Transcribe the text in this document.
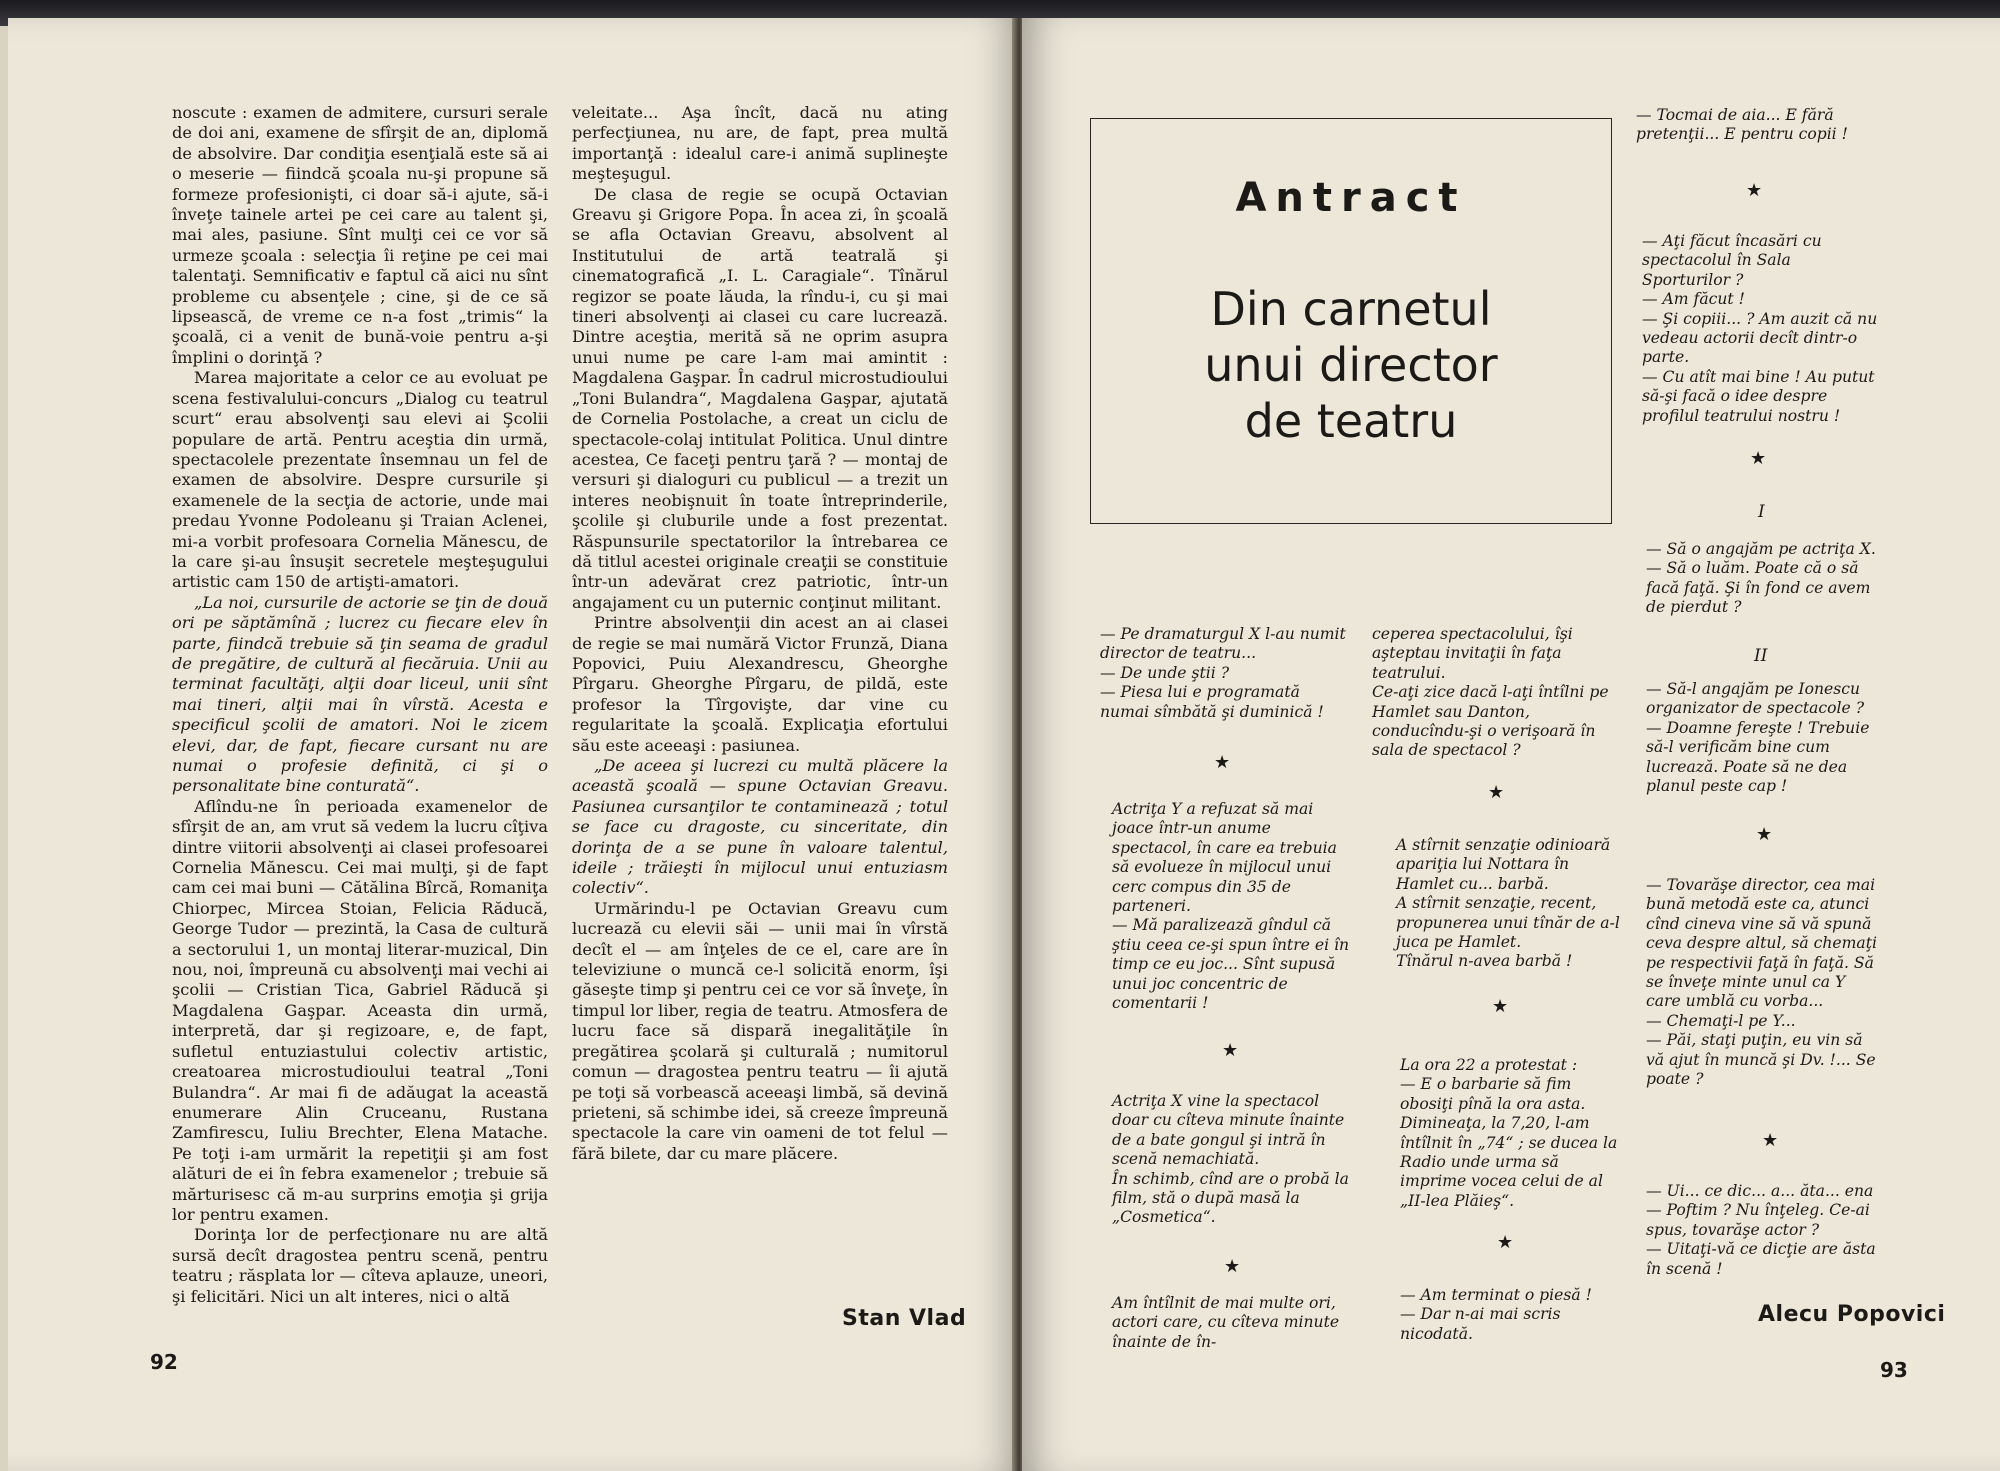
noscute : examen de admitere, cursuri serale de doi ani, examene de sfîrşit de an, diplomă de absolvire. Dar condiţia esenţială este să ai o meserie — fiindcă şcoala nu-şi propune să formeze profesionişti, ci doar să-i ajute, să-i înveţe tainele artei pe cei care au talent şi, mai ales, pasiune. Sînt mulţi cei ce vor să urmeze şcoala : selecţia îi reţine pe cei mai talentaţi. Semnificativ e faptul că aici nu sînt probleme cu absenţele ; cine, şi de ce să lipsească, de vreme ce n-a fost „trimis“ la şcoală, ci a venit de bună-voie pentru a-şi împlini o dorinţă ?

Marea majoritate a celor ce au evoluat pe scena festivalului-concurs „Dialog cu teatrul scurt“ erau absolvenţi sau elevi ai Şcolii populare de artă. Pentru aceştia din urmă, spectacolele prezentate însemnau un fel de examen de absolvire. Despre cursurile şi examenele de la secţia de actorie, unde mai predau Yvonne Podoleanu şi Traian Aclenei, mi-a vorbit profesoara Cornelia Mănescu, de la care şi-au însuşit secretele meşteşugului artistic cam 150 de artişti-amatori.

„La noi, cursurile de actorie se ţin de două ori pe săptămînă ; lucrez cu fiecare elev în parte, fiindcă trebuie să ţin seama de gradul de pregătire, de cultură al fiecăruia. Unii au terminat facultăţi, alţii doar liceul, unii sînt mai tineri, alţii mai în vîrstă. Acesta e specificul şcolii de amatori. Noi le zicem elevi, dar, de fapt, fiecare cursant nu are numai o profesie definită, ci şi o personalitate bine conturată“.

Aflîndu-ne în perioada examenelor de sfîrşit de an, am vrut să vedem la lucru cîţiva dintre viitorii absolvenţi ai clasei profesoarei Cornelia Mănescu. Cei mai mulţi, şi de fapt cam cei mai buni — Cătălina Bîrcă, Romaniţa Chiorpec, Mircea Stoian, Felicia Răducă, George Tudor — prezintă, la Casa de cultură a sectorului 1, un montaj literar-muzical, Din nou, noi, împreună cu absolvenţi mai vechi ai şcolii — Cristian Tica, Gabriel Răducă şi Magdalena Gaşpar. Aceasta din urmă, interpretă, dar şi regizoare, e, de fapt, sufletul entuziastului colectiv artistic, creatoarea microstudioului teatral „Toni Bulandra“. Ar mai fi de adăugat la această enumerare Alin Cruceanu, Rustana Zamfirescu, Iuliu Brechter, Elena Matache. Pe toţi i-am urmărit la repetiţii şi am fost alături de ei în febra examenelor ; trebuie să mărturisesc că m-au surprins emoţia şi grija lor pentru examen.

Dorinţa lor de perfecţionare nu are altă sursă decît dragostea pentru scenă, pentru teatru ; răsplata lor — cîteva aplauze, uneori, şi felicitări. Nici un alt interes, nici o altă

veleitate... Aşa încît, dacă nu ating perfecţiunea, nu are, de fapt, prea multă importanţă : idealul care-i animă suplineşte meşteşugul.

De clasa de regie se ocupă Octavian Greavu şi Grigore Popa. În acea zi, în şcoală se afla Octavian Greavu, absolvent al Institutului de artă teatrală şi cinematografică „I. L. Caragiale“. Tînărul regizor se poate lăuda, la rîndu-i, cu şi mai tineri absolvenţi ai clasei cu care lucrează. Dintre aceştia, merită să ne oprim asupra unui nume pe care l-am mai amintit : Magdalena Gaşpar. În cadrul microstudioului „Toni Bulandra“, Magdalena Gaşpar, ajutată de Cornelia Postolache, a creat un ciclu de spectacole-colaj intitulat Politica. Unul dintre acestea, Ce faceţi pentru ţară ? — montaj de versuri şi dialoguri cu publicul — a trezit un interes neobişnuit în toate întreprinderile, şcolile şi cluburile unde a fost prezentat. Răspunsurile spectatorilor la întrebarea ce dă titlul acestei originale creaţii se constituie într-un adevărat crez patriotic, într-un angajament cu un puternic conţinut militant.

Printre absolvenţii din acest an ai clasei de regie se mai numără Victor Frunză, Diana Popovici, Puiu Alexandrescu, Gheorghe Pîrgaru. Gheorghe Pîrgaru, de pildă, este profesor la Tîrgovişte, dar vine cu regularitate la şcoală. Explicaţia efortului său este aceeaşi : pasiunea.

„De aceea şi lucrezi cu multă plăcere la această şcoală — spune Octavian Greavu. Pasiunea cursanţilor te contaminează ; totul se face cu dragoste, cu sinceritate, din dorinţa de a se pune în valoare talentul, ideile ; trăieşti în mijlocul unui entuziasm colectiv“.

Urmărindu-l pe Octavian Greavu cum lucrează cu elevii săi — unii mai în vîrstă decît el — am înţeles de ce el, care are în televiziune o muncă ce-l solicită enorm, îşi găseşte timp şi pentru cei ce vor să înveţe, în timpul lor liber, regia de teatru. Atmosfera de lucru face să dispară inegalităţile în pregătirea şcolară şi culturală ; numitorul comun — dragostea pentru teatru — îi ajută pe toţi să vorbească aceeaşi limbă, să devină prieteni, să schimbe idei, să creeze împreună spectacole la care vin oameni de tot felul — fără bilete, dar cu mare plăcere.

Stan Vlad
92
Antract
Din carnetul
unui director
de teatru

— Pe dramaturgul X l-au numit director de teatru...
— De unde ştii ?
— Piesa lui e programată numai sîmbătă şi duminică !

★

Actriţa Y a refuzat să mai joace într-un anume spectacol, în care ea trebuia să evolueze în mijlocul unui cerc compus din 35 de parteneri.
— Mă paralizează gîndul că ştiu ceea ce-şi spun între ei în timp ce eu joc... Sînt supusă unui joc concentric de comentarii !

★

Actriţa X vine la spectacol doar cu cîteva minute înainte de a bate gongul şi intră în scenă nemachiată.
În schimb, cînd are o probă la film, stă o după masă la „Cosmetica“.

★

Am întîlnit de mai multe ori, actori care, cu cîteva minute înainte de în-

ceperea spectacolului, îşi aşteptau invitaţii în faţa teatrului.
Ce-aţi zice dacă l-aţi întîlni pe Hamlet sau Danton, conducîndu-şi o verişoară în sala de spectacol ?

★

A stîrnit senzaţie odinioară apariţia lui Nottara în Hamlet cu... barbă.
A stîrnit senzaţie, recent, propunerea unui tînăr de a-l juca pe Hamlet.
Tînărul n-avea barbă !

★

La ora 22 a protestat :
— E o barbarie să fim obosiţi pînă la ora asta.
Dimineaţa, la 7,20, l-am întîlnit în „74“ ; se ducea la Radio unde urma să imprime vocea celui de al „II-lea Plăieş“.

★

— Am terminat o piesă !
— Dar n-ai mai scris nicodată.

— Tocmai de aia... E fără pretenţii... E pentru copii !

★

— Aţi făcut încasări cu spectacolul în Sala Sporturilor ?
— Am făcut !
— Şi copiii... ? Am auzit că nu vedeau actorii decît dintr-o parte.
— Cu atît mai bine ! Au putut să-şi facă o idee despre profilul teatrului nostru !

★
I

— Să o angajăm pe actriţa X.
— Să o luăm. Poate că o să facă faţă. Şi în fond ce avem de pierdut ?

II

— Să-l angajăm pe Ionescu organizator de spectacole ?
— Doamne fereşte ! Trebuie să-l verificăm bine cum lucrează. Poate să ne dea planul peste cap !

★

— Tovarăşe director, cea mai bună metodă este ca, atunci cînd cineva vine să vă spună ceva despre altul, să chemaţi pe respectivii faţă în faţă. Să se înveţe minte unul ca Y care umblă cu vorba...
— Chemaţi-l pe Y...
— Păi, staţi puţin, eu vin să vă ajut în muncă şi Dv. !... Se poate ?

★

— Ui... ce dic... a... ăta... ena
— Poftim ? Nu înţeleg. Ce-ai spus, tovarăşe actor ?
— Uitaţi-vă ce dicţie are ăsta în scenă !

Alecu Popovici
93
